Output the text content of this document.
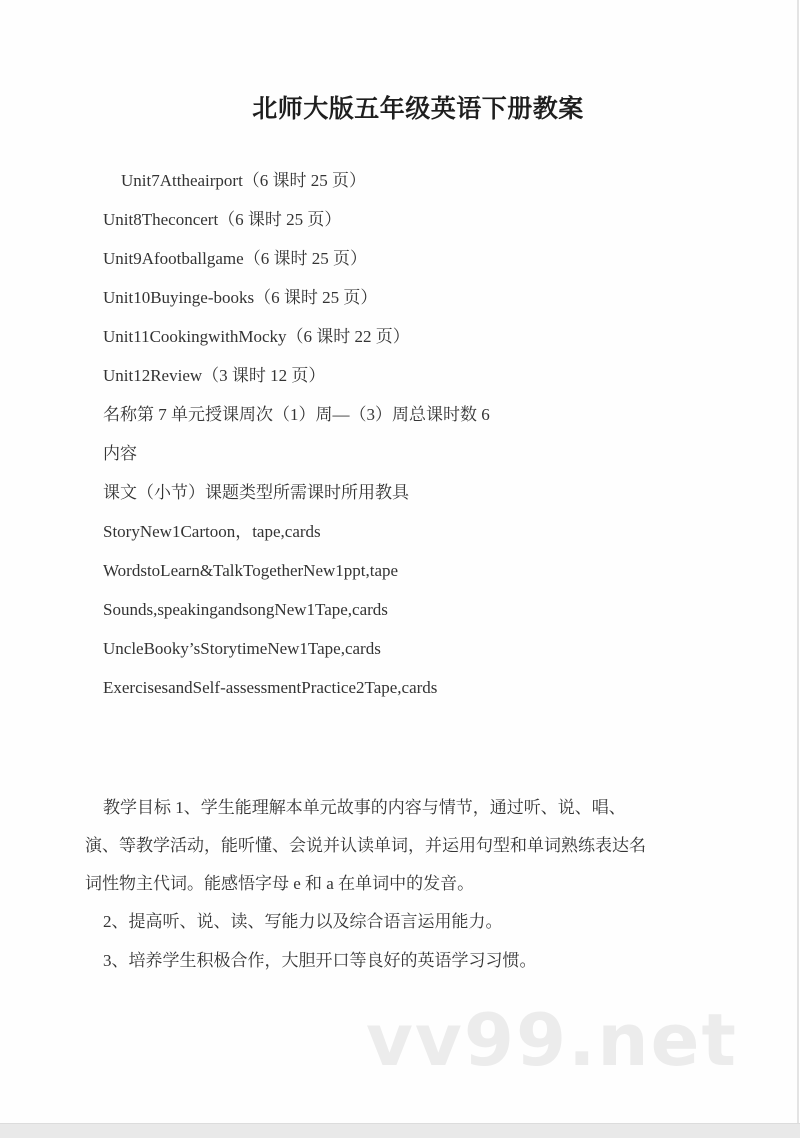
北师大版五年级英语下册教案
Unit7Attheairport（6 课时 25 页）
Unit8Theconcert（6 课时 25 页）
Unit9Afootballgame（6 课时 25 页）
Unit10Buyinge-books（6 课时 25 页）
Unit11CookingwithMocky（6 课时 22 页）
Unit12Review（3 课时 12 页）
名称第 7 单元授课周次（1）周—（3）周总课时数 6
内容
课文（小节）课题类型所需课时所用教具
StoryNew1Cartoon，tape,cards
WordstoLearn&TalkTogetherNew1ppt,tape
Sounds,speakingandsongNew1Tape,cards
UncleBooky’sStorytimeNew1Tape,cards
ExercisesandSelf-assessmentPractice2Tape,cards
教学目标 1、学生能理解本单元故事的内容与情节，通过听、说、唱、
演、等教学活动，能听懂、会说并认读单词，并运用句型和单词熟练表达名
词性物主代词。能感悟字母 e 和 a 在单词中的发音。
2、提高听、说、读、写能力以及综合语言运用能力。
3、培养学生积极合作，大胆开口等良好的英语学习习惯。
vv99.net
